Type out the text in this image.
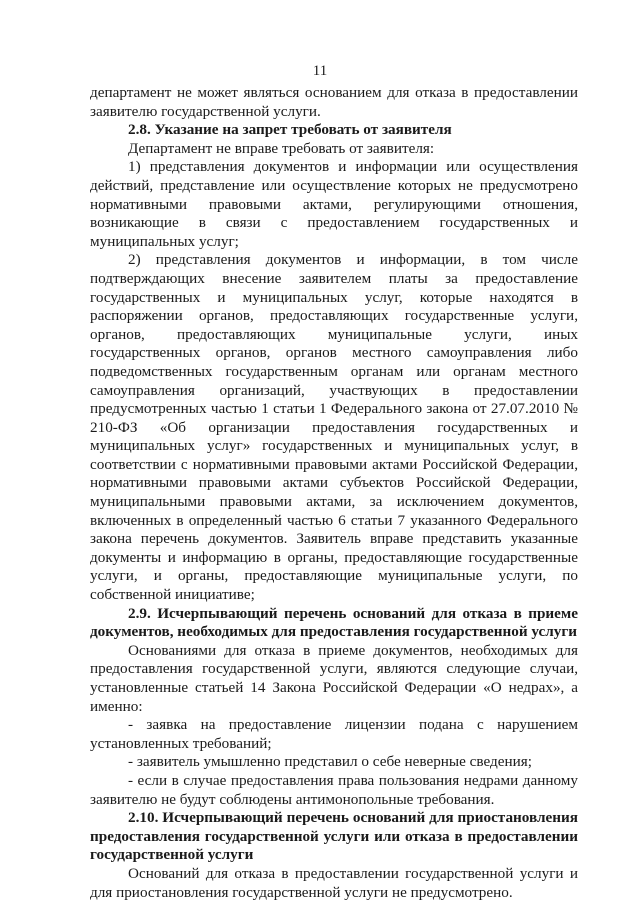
11

департамент не может являться основанием для отказа в предоставлении заявителю государственной услуги.

2.8. Указание на запрет требовать от заявителя

Департамент не вправе требовать от заявителя:

1) представления документов и информации или осуществления действий, представление или осуществление которых не предусмотрено нормативными правовыми актами, регулирующими отношения, возникающие в связи с предоставлением государственных и муниципальных услуг;

2) представления документов и информации, в том числе подтверждающих внесение заявителем платы за предоставление государственных и муниципальных услуг, которые находятся в распоряжении органов, предоставляющих государственные услуги, органов, предоставляющих муниципальные услуги, иных государственных органов, органов местного самоуправления либо подведомственных государственным органам или органам местного самоуправления организаций, участвующих в предоставлении предусмотренных частью 1 статьи 1 Федерального закона от 27.07.2010 № 210-ФЗ «Об организации предоставления государственных и муниципальных услуг» государственных и муниципальных услуг, в соответствии с нормативными правовыми актами Российской Федерации, нормативными правовыми актами субъектов Российской Федерации, муниципальными правовыми актами, за исключением документов, включенных в определенный частью 6 статьи 7 указанного Федерального закона перечень документов. Заявитель вправе представить указанные документы и информацию в органы, предоставляющие государственные услуги, и органы, предоставляющие муниципальные услуги, по собственной инициативе;

2.9. Исчерпывающий перечень оснований для отказа в приеме документов, необходимых для предоставления государственной услуги

Основаниями для отказа в приеме документов, необходимых для предоставления государственной услуги, являются следующие случаи, установленные статьей 14 Закона Российской Федерации «О недрах», а именно:

- заявка на предоставление лицензии подана с нарушением установленных требований;

- заявитель умышленно представил о себе неверные сведения;

- если в случае предоставления права пользования недрами данному заявителю не будут соблюдены антимонопольные требования.

2.10. Исчерпывающий перечень оснований для приостановления предоставления государственной услуги или отказа в предоставлении государственной услуги

Оснований для отказа в предоставлении государственной услуги и для приостановления государственной услуги не предусмотрено.
